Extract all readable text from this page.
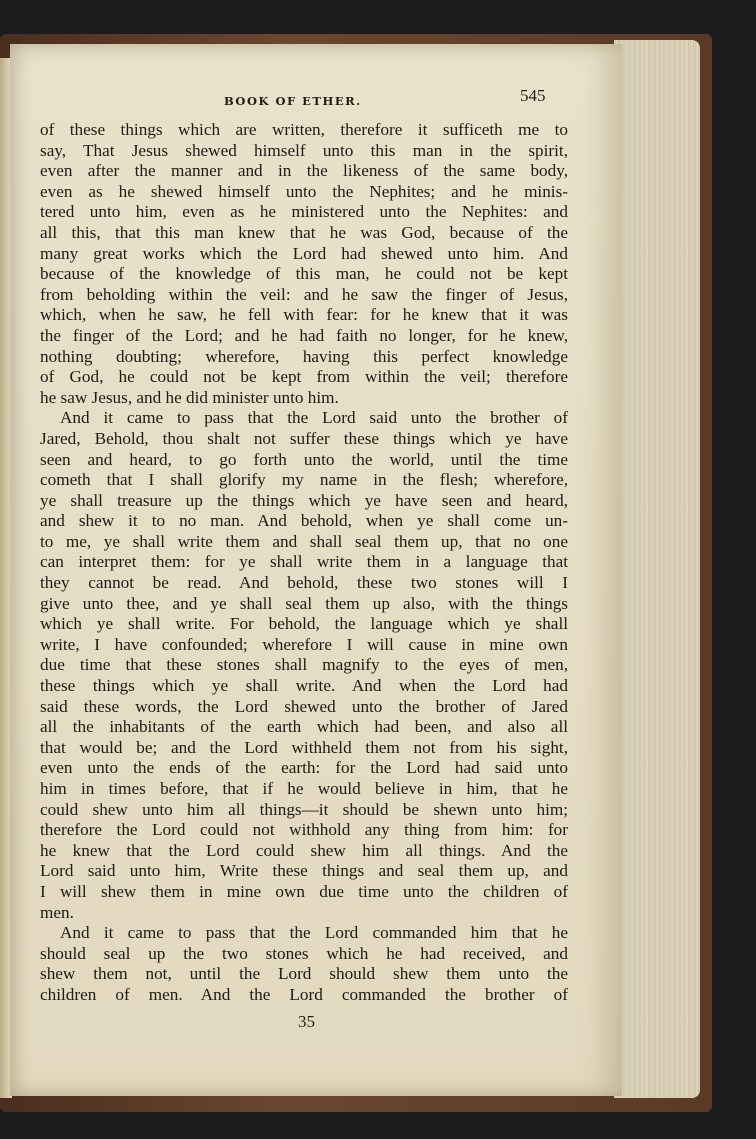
BOOK OF ETHER.	545
of these things which are written, therefore it sufficeth me to
say, That Jesus shewed himself unto this man in the spirit,
even after the manner and in the likeness of the same body,
even as he shewed himself unto the Nephites; and he minis-
tered unto him, even as he ministered unto the Nephites: and
all this, that this man knew that he was God, because of the
many great works which the Lord had shewed unto him. And
because of the knowledge of this man, he could not be kept
from beholding within the veil: and he saw the finger of Jesus,
which, when he saw, he fell with fear: for he knew that it was
the finger of the Lord; and he had faith no longer, for he knew,
nothing doubting; wherefore, having this perfect knowledge
of God, he could not be kept from within the veil; therefore
he saw Jesus, and he did minister unto him.
And it came to pass that the Lord said unto the brother of
Jared, Behold, thou shalt not suffer these things which ye have
seen and heard, to go forth unto the world, until the time
cometh that I shall glorify my name in the flesh; wherefore,
ye shall treasure up the things which ye have seen and heard,
and shew it to no man. And behold, when ye shall come un-
to me, ye shall write them and shall seal them up, that no one
can interpret them: for ye shall write them in a language that
they cannot be read. And behold, these two stones will I
give unto thee, and ye shall seal them up also, with the things
which ye shall write. For behold, the language which ye shall
write, I have confounded; wherefore I will cause in mine own
due time that these stones shall magnify to the eyes of men,
these things which ye shall write. And when the Lord had
said these words, the Lord shewed unto the brother of Jared
all the inhabitants of the earth which had been, and also all
that would be; and the Lord withheld them not from his sight,
even unto the ends of the earth: for the Lord had said unto
him in times before, that if he would believe in him, that he
could shew unto him all things—it should be shewn unto him;
therefore the Lord could not withhold any thing from him: for
he knew that the Lord could shew him all things. And the
Lord said unto him, Write these things and seal them up, and
I will shew them in mine own due time unto the children of
men.
And it came to pass that the Lord commanded him that he
should seal up the two stones which he had received, and
shew them not, until the Lord should shew them unto the
children of men. And the Lord commanded the brother of
35
